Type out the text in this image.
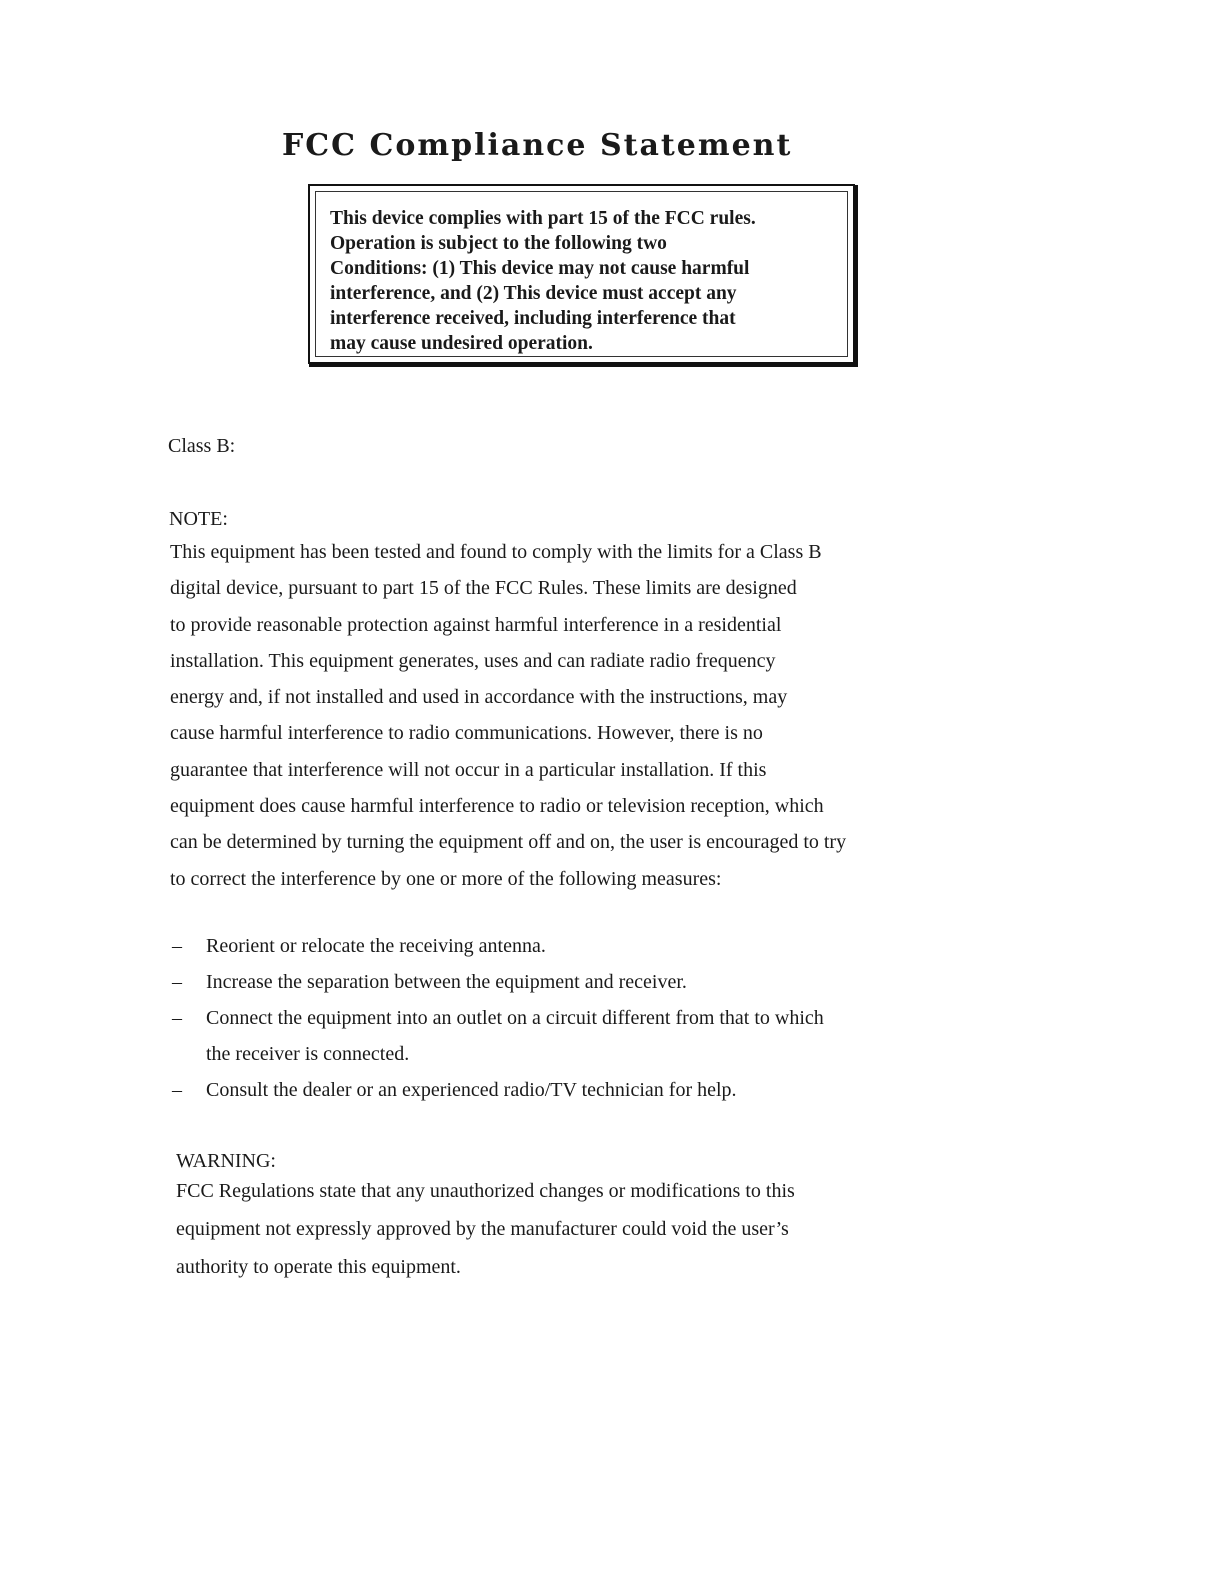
FCC Compliance Statement

This device complies with part 15 of the FCC rules.
Operation is subject to the following two
Conditions: (1) This device may not cause harmful
interference, and (2) This device must accept any
interference received, including interference that
may cause undesired operation.

Class B:

NOTE:

This equipment has been tested and found to comply with the limits for a Class B
digital device, pursuant to part 15 of the FCC Rules. These limits are designed
to provide reasonable protection against harmful interference in a residential
installation. This equipment generates, uses and can radiate radio frequency
energy and, if not installed and used in accordance with the instructions, may
cause harmful interference to radio communications. However, there is no
guarantee that interference will not occur in a particular installation. If this
equipment does cause harmful interference to radio or television reception, which
can be determined by turning the equipment off and on, the user is encouraged to try
to correct the interference by one or more of the following measures:
– Reorient or relocate the receiving antenna.
– Increase the separation between the equipment and receiver.
– Connect the equipment into an outlet on a circuit different from that to which
the receiver is connected.
– Consult the dealer or an experienced radio/TV technician for help.

WARNING:

FCC Regulations state that any unauthorized changes or modifications to this
equipment not expressly approved by the manufacturer could void the user’s
authority to operate this equipment.
